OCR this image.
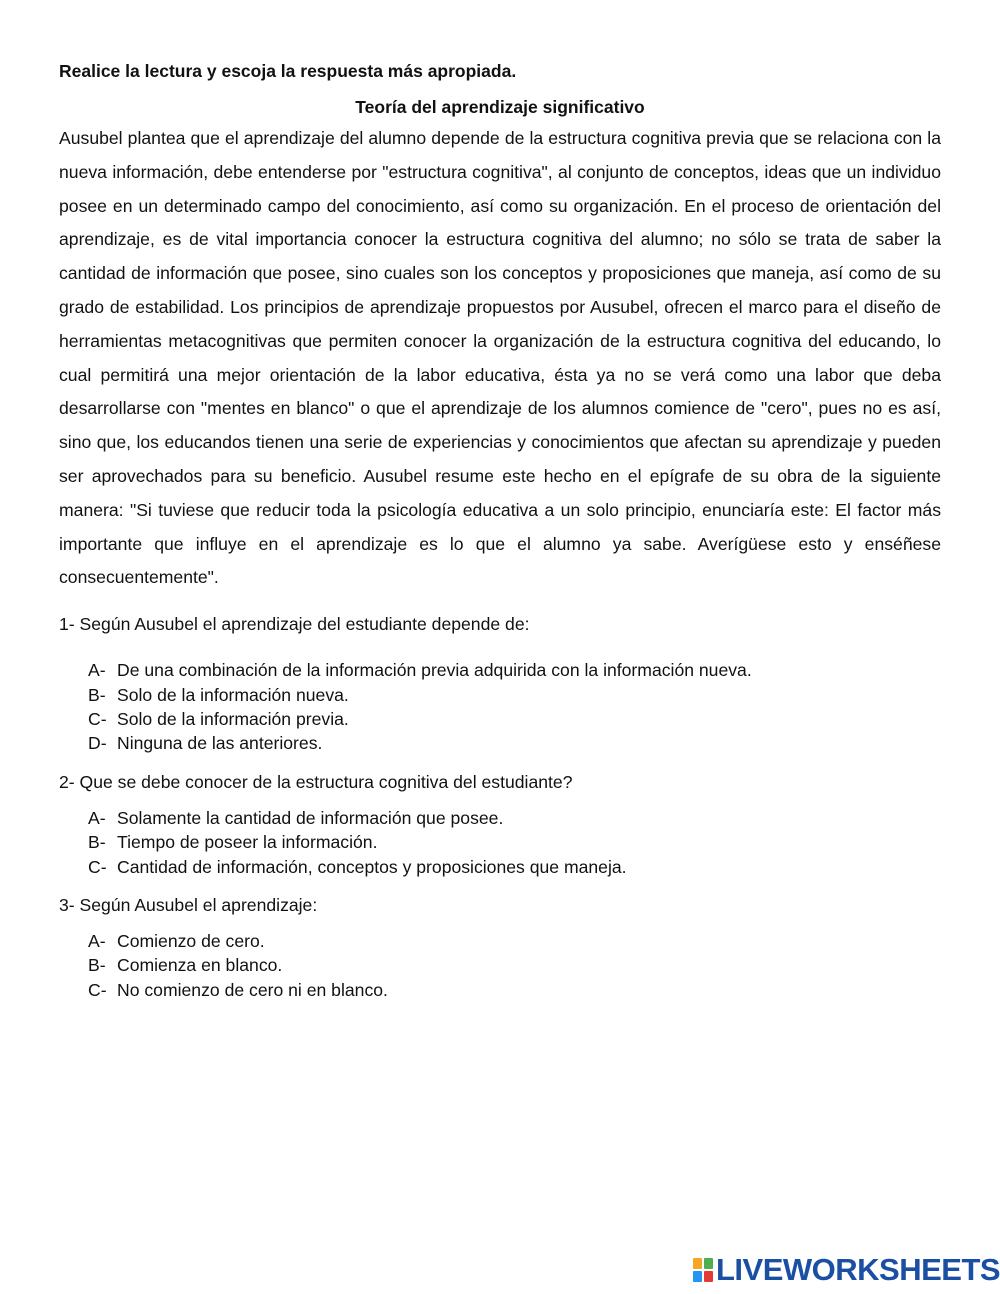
Realice la lectura y escoja la respuesta más apropiada.

Teoría del aprendizaje significativo

Ausubel plantea que el aprendizaje del alumno depende de la estructura cognitiva previa que se relaciona con la nueva información, debe entenderse por "estructura cognitiva", al conjunto de conceptos, ideas que un individuo posee en un determinado campo del conocimiento, así como su organización. En el proceso de orientación del aprendizaje, es de vital importancia conocer la estructura cognitiva del alumno; no sólo se trata de saber la cantidad de información que posee, sino cuales son los conceptos y proposiciones que maneja, así como de su grado de estabilidad. Los principios de aprendizaje propuestos por Ausubel, ofrecen el marco para el diseño de herramientas metacognitivas que permiten conocer la organización de la estructura cognitiva del educando, lo cual permitirá una mejor orientación de la labor educativa, ésta ya no se verá como una labor que deba desarrollarse con "mentes en blanco" o que el aprendizaje de los alumnos comience de "cero", pues no es así, sino que, los educandos tienen una serie de experiencias y conocimientos que afectan su aprendizaje y pueden ser aprovechados para su beneficio. Ausubel resume este hecho en el epígrafe de su obra de la siguiente manera: "Si tuviese que reducir toda la psicología educativa a un solo principio, enunciaría este: El factor más importante que influye en el aprendizaje es lo que el alumno ya sabe. Averígüese esto y enséñese consecuentemente".

1- Según Ausubel el aprendizaje del estudiante depende de:

A- De una combinación de la información previa adquirida con la información nueva.
B- Solo de la información nueva.
C- Solo de la información previa.
D- Ninguna de las anteriores.

2- Que se debe conocer de la estructura cognitiva del estudiante?

A- Solamente la cantidad de información que posee.
B- Tiempo de poseer la información.
C- Cantidad de información, conceptos y proposiciones que maneja.

3- Según Ausubel el aprendizaje:

A- Comienzo de cero.
B- Comienza en blanco.
C- No comienzo de cero ni en blanco.
LIVEWORKSHEETS
